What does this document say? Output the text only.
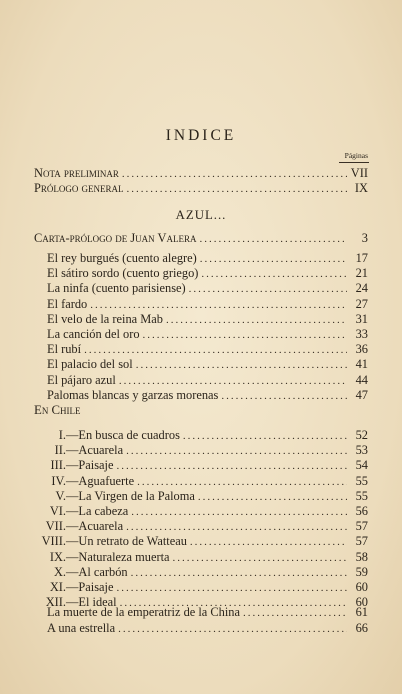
INDICE
Páginas
Nota preliminar .....	VII
Prólogo general .....	IX
AZUL...
Carta-prólogo de Juan Valera .....	3
El rey burgués (cuento alegre) .....	17
El sátiro sordo (cuento griego) .....	21
La ninfa (cuento parisiense) .....	24
El fardo .....	27
El velo de la reina Mab .....	31
La canción del oro .....	33
El rubí .....	36
El palacio del sol .....	41
El pájaro azul .....	44
Palomas blancas y garzas morenas .....	47
En Chile
I. —En busca de cuadros .....	52
II. —Acuarela .....	53
III. —Paisaje .....	54
IV. —Aguafuerte .....	55
V. —La Virgen de la Paloma .....	55
VI. —La cabeza .....	56
VII. —Acuarela .....	57
VIII. —Un retrato de Watteau .....	57
IX. —Naturaleza muerta .....	58
X. —Al carbón .....	59
XI. —Paisaje .....	60
XII. —El ideal .....	60
La muerte de la emperatriz de la China .....	61
A una estrella .....	66
